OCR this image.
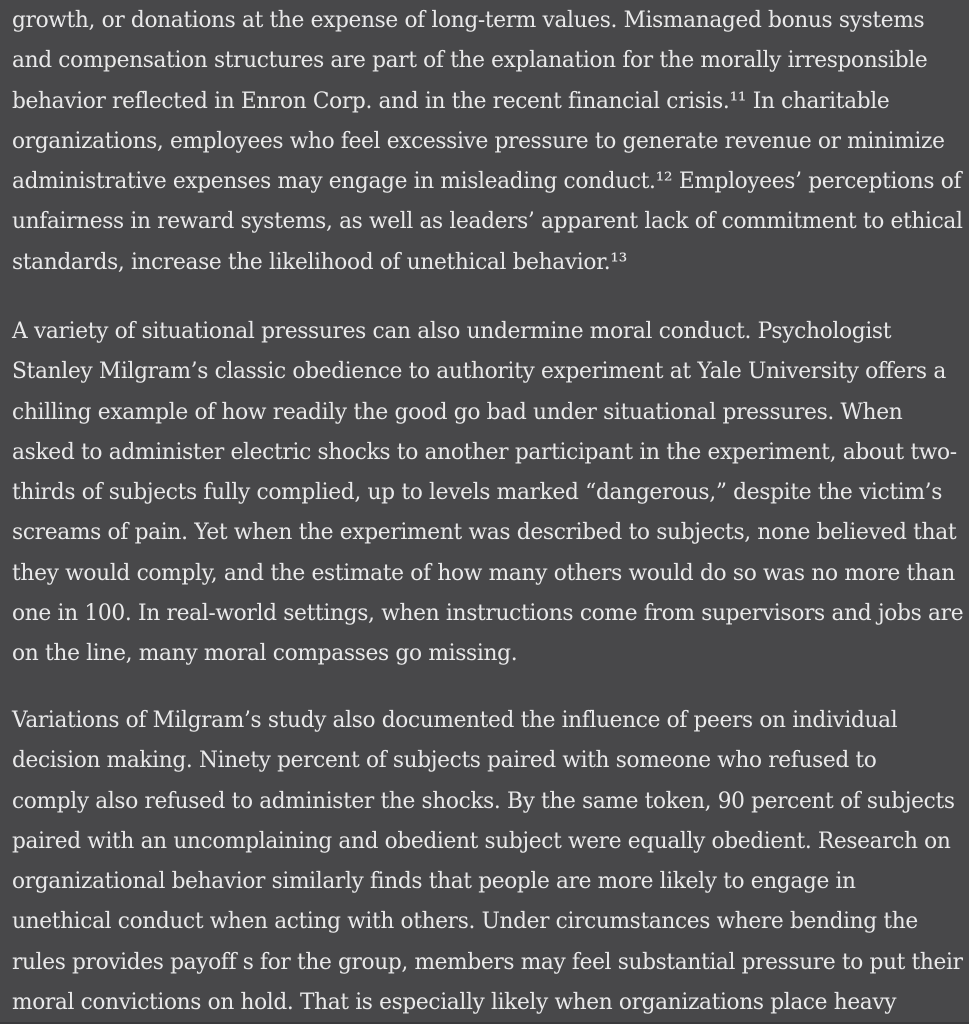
growth, or donations at the expense of long-term values. Mismanaged bonus systems
and compensation structures are part of the explanation for the morally irresponsible
behavior reflected in Enron Corp. and in the recent financial crisis.¹¹ In charitable
organizations, employees who feel excessive pressure to generate revenue or minimize
administrative expenses may engage in misleading conduct.¹² Employees’ perceptions of
unfairness in reward systems, as well as leaders’ apparent lack of commitment to ethical
standards, increase the likelihood of unethical behavior.¹³
A variety of situational pressures can also undermine moral conduct. Psychologist
Stanley Milgram’s classic obedience to authority experiment at Yale University offers a
chilling example of how readily the good go bad under situational pressures. When
asked to administer electric shocks to another participant in the experiment, about two-
thirds of subjects fully complied, up to levels marked “dangerous,” despite the victim’s
screams of pain. Yet when the experiment was described to subjects, none believed that
they would comply, and the estimate of how many others would do so was no more than
one in 100. In real-world settings, when instructions come from supervisors and jobs are
on the line, many moral compasses go missing.
Variations of Milgram’s study also documented the influence of peers on individual
decision making. Ninety percent of subjects paired with someone who refused to
comply also refused to administer the shocks. By the same token, 90 percent of subjects
paired with an uncomplaining and obedient subject were equally obedient. Research on
organizational behavior similarly finds that people are more likely to engage in
unethical conduct when acting with others. Under circumstances where bending the
rules provides payoff s for the group, members may feel substantial pressure to put their
moral convictions on hold. That is especially likely when organizations place heavy
